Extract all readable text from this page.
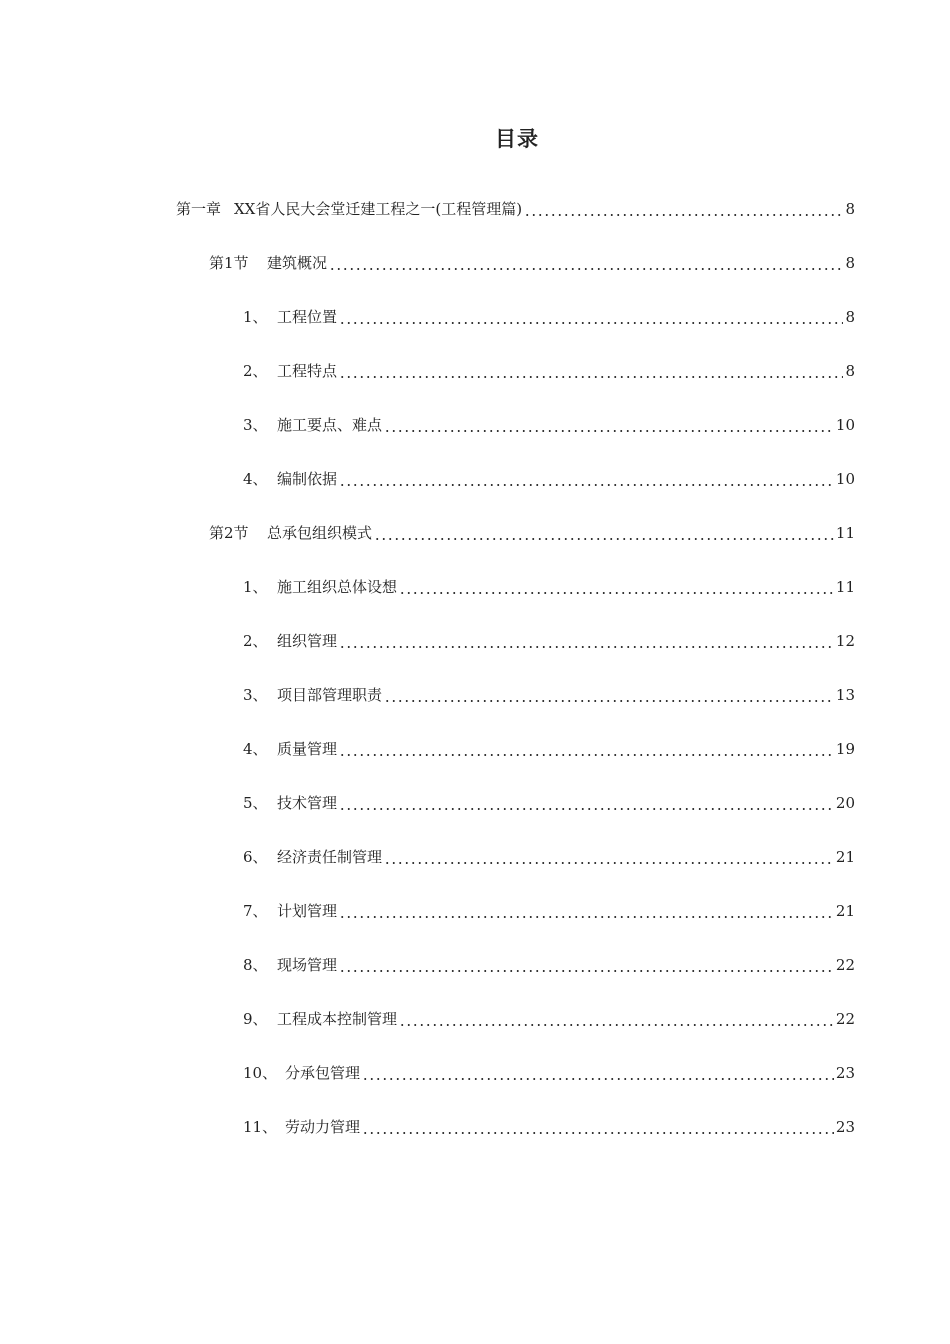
目录
第一章 XX省人民大会堂迁建工程之一(工程管理篇)	8
第1节 建筑概况	8
1、 工程位置	8
2、 工程特点	8
3、 施工要点、难点	10
4、 编制依据	10
第2节 总承包组织模式	11
1、 施工组织总体设想	11
2、 组织管理	12
3、 项目部管理职责	13
4、 质量管理	19
5、 技术管理	20
6、 经济责任制管理	21
7、 计划管理	21
8、 现场管理	22
9、 工程成本控制管理	22
10、 分承包管理	23
11、 劳动力管理	23
